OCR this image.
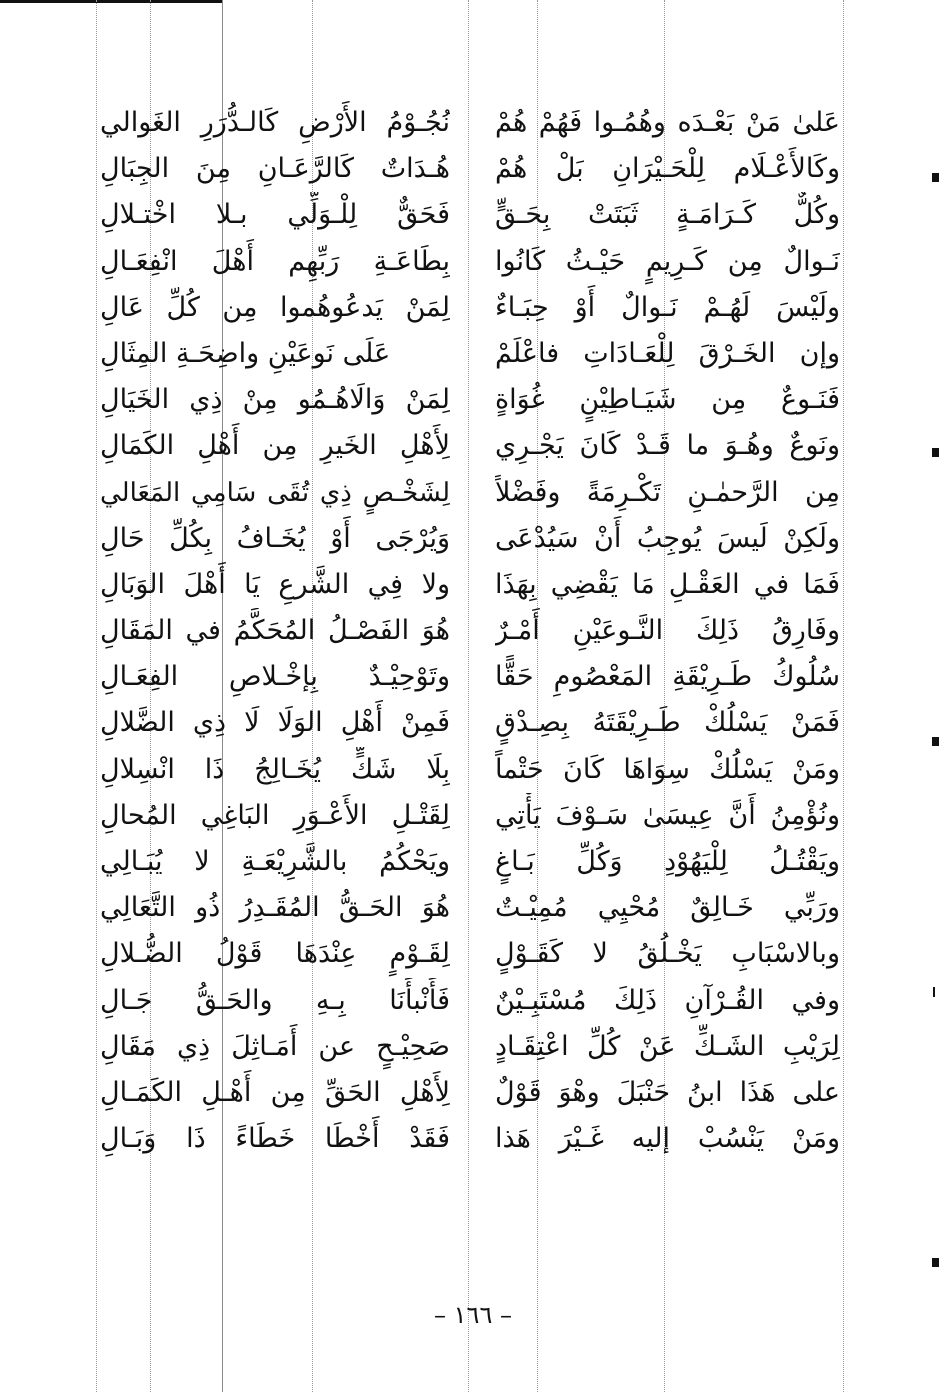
عَلىٰ مَنْ بَعْـدَه وهُمُـوا فَهُمْ هُمْ
نُجُـوْمُ الأَرْضِ كَالـدُّرَرِ الغَوالي
وكَالأَعْـلَام لِلْحَـيْرَانِ بَلْ هُمْ
هُـدَاتٌ كَالرَّعَـانِ مِنَ الجِبَالِ
وكُلٌّ كَـرَامَـةٍ ثَبَتَتْ بِحَـقٍّ
فَحَقٌّ لِلْـوَلِّي بـلا اخْتـلالِ
نَـوالٌ مِن كَـرِيمٍ حَيْـثُ كَانُوا
بِطَاعَـةِ رَبِّهِم أَهْلَ انْفِعَـالِ
ولَيْسَ لَهُـمْ نَـوالٌ أَوْ حِبَـاءٌ
لِمَنْ يَدعُوهُموا مِن كُلِّ عَالِ
وإن الخَـرْقَ لِلْعَـادَاتِ فاعْلَمْ
عَلَى نَوعَيْنِ واضِحَـةِ المِثَالِ
فَنَـوعٌ مِن شَيَـاطِيْنٍ غُوَاةٍ
لِمَنْ وَالَاهُـمُو مِنْ ذِي الخَيَالِ
ونَوعٌ وهُـوَ ما قَـدْ كَانَ يَجْـرِي
لِأَهْلِ الخَيرِ مِن أَهْلِ الكَمَالِ
مِن الرَّحمٰـنِ تَكْـرِمَةً وفَضْلاً
لِشَخْـصٍ ذِي تُقَى سَامِي المَعَالي
ولَكِنْ لَيسَ يُوجِبُ أَنْ سَيُدْعَى
وَيُرْجَى أَوْ يُخَـافُ بِكُلِّ حَالِ
فَمَا في العَقْـلِ مَا يَقْضِي بِهَذَا
ولا فِي الشَّرعِ يَا أَهْلَ الوَبَالِ
وفَارِقُ ذَلِكَ النَّـوعَيْنِ أَمْـرٌ
هُوَ الفَصْـلُ المُحَكَّمُ في المَقَالِ
سُلُوكُ طَـرِيْقَةِ المَعْصُومِ حَقًّا
وتَوْحِيْـدٌ بِإخْـلاصِ الفِعَـالِ
فَمَنْ يَسْلُكْ طَـرِيْقَتَهُ بِصِـدْقٍ
فَمِنْ أَهْلِ الوَلَا لَا ذِي الضَّلالِ
ومَنْ يَسْلُكْ سِوَاهَا كَانَ حَتْماً
بِلَا شَكٍّ يُخَـالِجُ ذَا انْسِلالِ
ونُؤْمِنُ أَنَّ عِيسَىٰ سَـوْفَ يَأْتِي
لِقَتْـلِ الأَعْـوَرِ البَاغِي المُحالِ
ويَقْتُـلُ لِلْيَهُوْدِ وَكُلِّ بَـاغٍ
ويَحْكُمُ بالشَّرِيْعَـةِ لا يُبَـالِي
ورَبِّي خَـالِقٌ مُحْيِي مُمِيْـتٌ
هُوَ الحَـقُّ المُقَـدِرُ ذُو التَّعَالِي
وبالاسْبَابِ يَخْـلُقُ لا كَقَـوْلٍ
لِقَـوْمٍ عِنْدَهَا قَوْلُ الضُّـلالِ
وفي القُـرْآنِ ذَلِكَ مُسْتَبِـيْنٌ
فَأَنْبأَنَا بِـهِ والحَـقُّ جَـالِ
لِرَيْبِ الشَـكِّ عَنْ كُلِّ اعْتِقَـادٍ
صَحِيْـحٍ عن أَمَـاثِلَ ذِي مَقَالِ
على هَذَا ابنُ حَنْبَلَ وهْوَ قَوْلٌ
لِأَهْلِ الحَقِّ مِن أَهْـلِ الكَمَـالِ
ومَنْ يَنْسُبْ إليه غَـيْرَ هَذا
فَقَدْ أَخْطَا خَطَاءً ذَا وَبَـالِ
– ١٦٦ –
